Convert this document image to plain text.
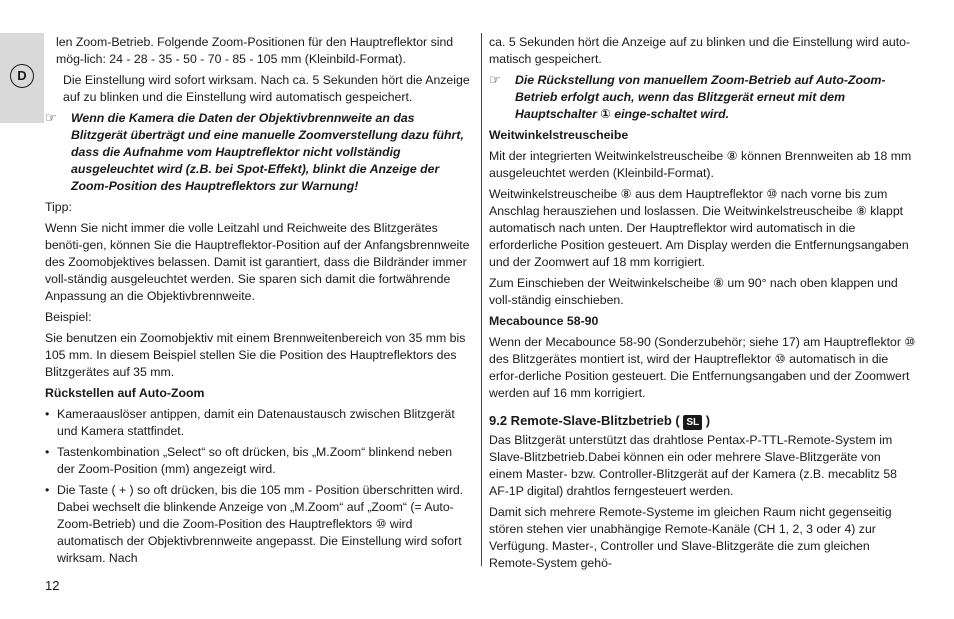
D

len Zoom-Betrieb. Folgende Zoom-Positionen für den Hauptreflektor sind mög-lich: 24 - 28 - 35 - 50 - 70 - 85 - 105 mm (Kleinbild-Format).

Die Einstellung wird sofort wirksam. Nach ca. 5 Sekunden hört die Anzeige auf zu blinken und die Einstellung wird automatisch gespeichert.

☞ Wenn die Kamera die Daten der Objektivbrennweite an das Blitzgerät überträgt und eine manuelle Zoomverstellung dazu führt, dass die Aufnahme vom Hauptreflektor nicht vollständig ausgeleuchtet wird (z.B. bei Spot-Effekt), blinkt die Anzeige der Zoom-Position des Hauptreflektors zur Warnung!

Tipp:

Wenn Sie nicht immer die volle Leitzahl und Reichweite des Blitzgerätes benöti-gen, können Sie die Hauptreflektor-Position auf der Anfangsbrennweite des Zoomobjektives belassen. Damit ist garantiert, dass die Bildränder immer voll-ständig ausgeleuchtet werden. Sie sparen sich damit die fortwährende Anpassung an die Objektivbrennweite.

Beispiel:

Sie benutzen ein Zoomobjektiv mit einem Brennweitenbereich von 35 mm bis 105 mm. In diesem Beispiel stellen Sie die Position des Hauptreflektors des Blitzgerätes auf 35 mm.

Rückstellen auf Auto-Zoom

• Kameraauslöser antippen, damit ein Datenaustausch zwischen Blitzgerät und Kamera stattfindet.
• Tastenkombination „Select“ so oft drücken, bis „M.Zoom“ blinkend neben der Zoom-Position (mm) angezeigt wird.
• Die Taste ( + ) so oft drücken, bis die 105 mm - Position überschritten wird. Dabei wechselt die blinkende Anzeige von „M.Zoom“ auf „Zoom“ (= Auto-Zoom-Betrieb) und die Zoom-Position des Hauptreflektors ⑩ wird automatisch der Objektivbrennweite angepasst. Die Einstellung wird sofort wirksam. Nach

ca. 5 Sekunden hört die Anzeige auf zu blinken und die Einstellung wird auto-matisch gespeichert.

☞ Die Rückstellung von manuellem Zoom-Betrieb auf Auto-Zoom-Betrieb erfolgt auch, wenn das Blitzgerät erneut mit dem Hauptschalter ① einge-schaltet wird.

Weitwinkelstreuscheibe

Mit der integrierten Weitwinkelstreuscheibe ⑧ können Brennweiten ab 18 mm ausgeleuchtet werden (Kleinbild-Format).

Weitwinkelstreuscheibe ⑧ aus dem Hauptreflektor ⑩ nach vorne bis zum Anschlag herausziehen und loslassen. Die Weitwinkelstreuscheibe ⑧ klappt automatisch nach unten. Der Hauptreflektor wird automatisch in die erforderliche Position gesteuert. Am Display werden die Entfernungsangaben und der Zoomwert auf 18 mm korrigiert.

Zum Einschieben der Weitwinkelscheibe ⑧ um 90° nach oben klappen und voll-ständig einschieben.

Mecabounce 58-90

Wenn der Mecabounce 58-90 (Sonderzubehör; siehe 17) am Hauptreflektor ⑩ des Blitzgerätes montiert ist, wird der Hauptreflektor ⑩ automatisch in die erfor-derliche Position gesteuert. Die Entfernungsangaben und der Zoomwert werden auf 16 mm korrigiert.

9.2 Remote-Slave-Blitzbetrieb ( SL )

Das Blitzgerät unterstützt das drahtlose Pentax-P-TTL-Remote-System im Slave-Blitzbetrieb.Dabei können ein oder mehrere Slave-Blitzgeräte von einem Master- bzw. Controller-Blitzgerät auf der Kamera (z.B. mecablitz 58 AF-1P digital) drahtlos ferngesteuert werden.

Damit sich mehrere Remote-Systeme im gleichen Raum nicht gegenseitig stören stehen vier unabhängige Remote-Kanäle (CH 1, 2, 3 oder 4) zur Verfügung. Master-, Controller und Slave-Blitzgeräte die zum gleichen Remote-System gehö-

12
